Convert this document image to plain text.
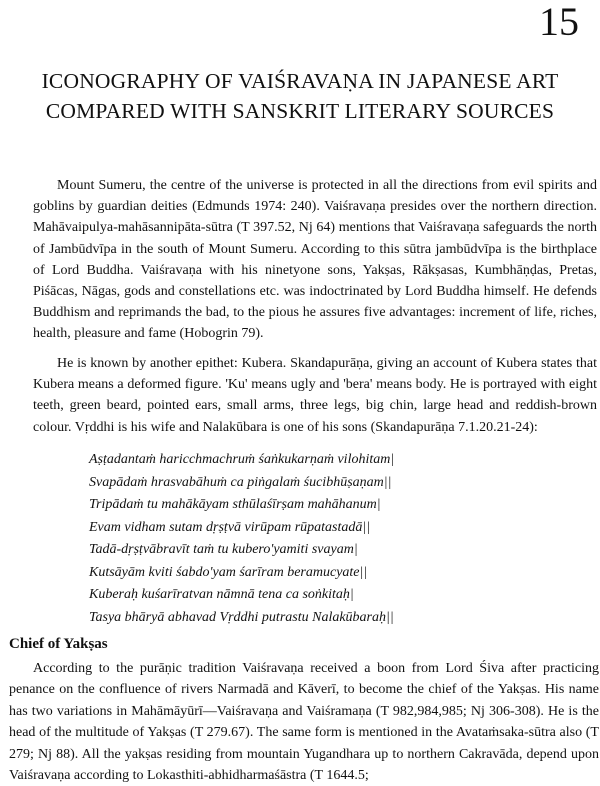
15
ICONOGRAPHY OF VAIŚRAVAṆA IN JAPANESE ART
COMPARED WITH SANSKRIT LITERARY SOURCES
Mount Sumeru, the centre of the universe is protected in all the directions from evil spirits and goblins by guardian deities (Edmunds 1974: 240). Vaiśravaṇa presides over the northern direction. Mahāvaipulya-mahāsannipāta-sūtra (T 397.52, Nj 64) mentions that Vaiśravaṇa safeguards the north of Jambūdvīpa in the south of Mount Sumeru. According to this sūtra jambūdvīpa is the birthplace of Lord Buddha. Vaiśravaṇa with his ninetyone sons, Yakṣas, Rākṣasas, Kumbhāṇḍas, Pretas, Piśācas, Nāgas, gods and constellations etc. was indoctrinated by Lord Buddha himself. He defends Buddhism and reprimands the bad, to the pious he assures five advantages: increment of life, riches, health, pleasure and fame (Hobogrin 79).
He is known by another epithet: Kubera. Skandapurāṇa, giving an account of Kubera states that Kubera means a deformed figure. 'Ku' means ugly and 'bera' means body. He is portrayed with eight teeth, green beard, pointed ears, small arms, three legs, big chin, large head and reddish-brown colour. Vṛddhi is his wife and Nalakūbara is one of his sons (Skandapurāṇa 7.1.20.21-24):
Aṣṭadantaṁ haricchmachruṁ śaṅkukarṇaṁ vilohitam|
Svapādaṁ hrasvabāhuṁ ca piṅgalaṁ śucibhūṣaṇam||
Tripādaṁ tu mahākāyam sthūlaśīrṣam mahāhanum|
Evam vidham sutam dṛṣṭvā virūpam rūpatastadā||
Tadā-dṛṣṭvābravīt taṁ tu kubero'yamiti svayam|
Kutsāyām kviti śabdo'yam śarīram beramucyate||
Kuberaḥ kuśarīratvan nāmnā tena ca soṅkitaḥ|
Tasya bhāryā abhavad Vṛddhi putrastu Nalakūbaraḥ||
Chief of Yakṣas
According to the purāṇic tradition Vaiśravaṇa received a boon from Lord Śiva after practicing penance on the confluence of rivers Narmadā and Kāverī, to become the chief of the Yakṣas. His name has two variations in Mahāmāyūrī—Vaiśravaṇa and Vaiśramaṇa (T 982,984,985; Nj 306-308). He is the head of the multitude of Yakṣas (T 279.67). The same form is mentioned in the Avataṁsaka-sūtra also (T 279; Nj 88). All the yakṣas residing from mountain Yugandhara up to northern Cakravāda, depend upon Vaiśravaṇa according to Lokasthiti-abhidharmaśāstra (T 1644.5;
